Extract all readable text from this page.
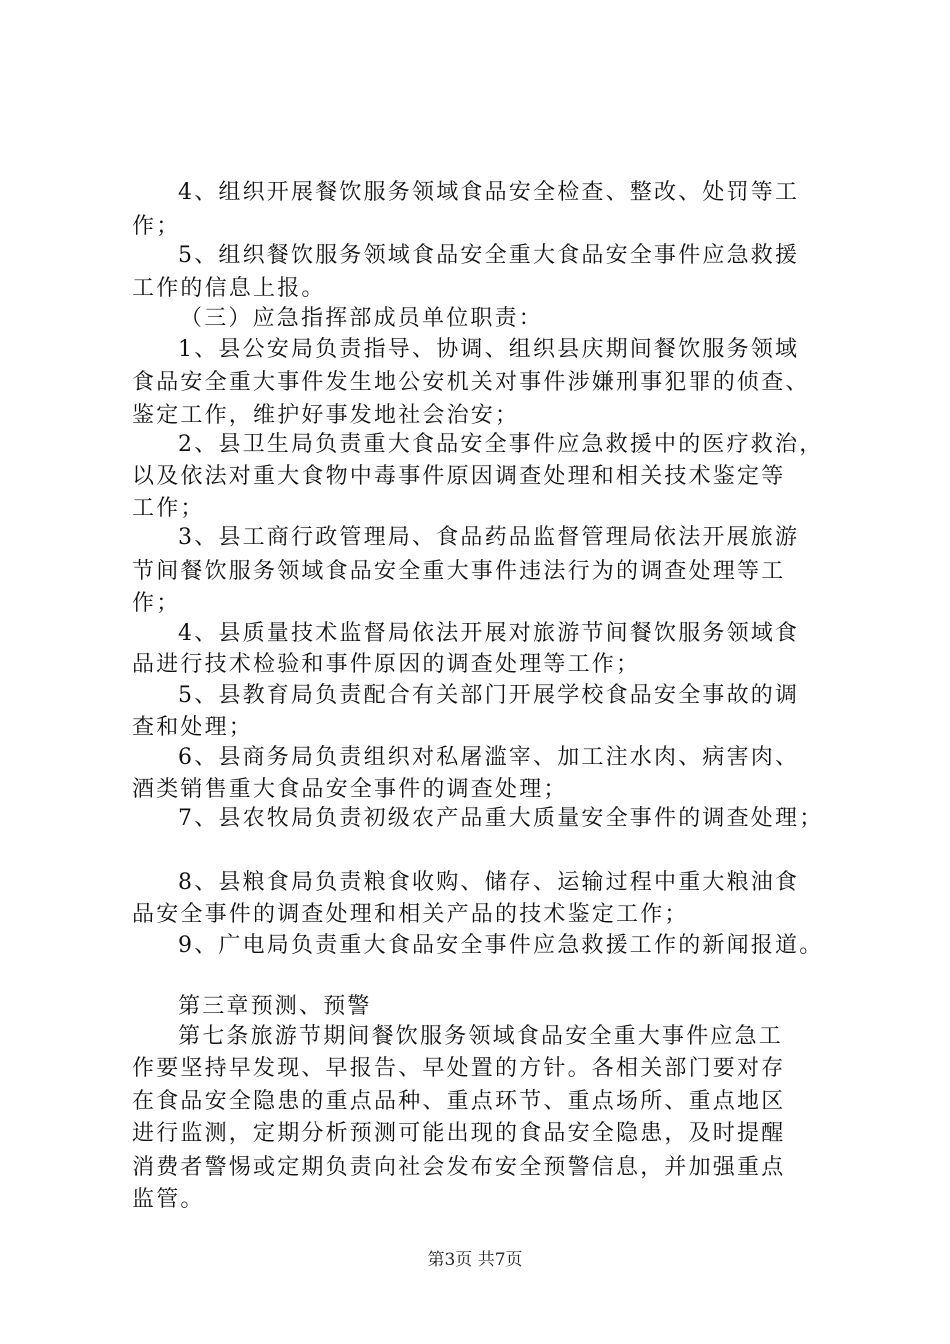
4、组织开展餐饮服务领域食品安全检查、整改、处罚等工
作；
5、组织餐饮服务领域食品安全重大食品安全事件应急救援
工作的信息上报。
（三）应急指挥部成员单位职责：
1、县公安局负责指导、协调、组织县庆期间餐饮服务领域
食品安全重大事件发生地公安机关对事件涉嫌刑事犯罪的侦查、
鉴定工作，维护好事发地社会治安；
2、县卫生局负责重大食品安全事件应急救援中的医疗救治，
以及依法对重大食物中毒事件原因调查处理和相关技术鉴定等
工作；
3、县工商行政管理局、食品药品监督管理局依法开展旅游
节间餐饮服务领域食品安全重大事件违法行为的调查处理等工
作；
4、县质量技术监督局依法开展对旅游节间餐饮服务领域食
品进行技术检验和事件原因的调查处理等工作；
5、县教育局负责配合有关部门开展学校食品安全事故的调
查和处理；
6、县商务局负责组织对私屠滥宰、加工注水肉、病害肉、
酒类销售重大食品安全事件的调查处理；
7、县农牧局负责初级农产品重大质量安全事件的调查处理；
8、县粮食局负责粮食收购、储存、运输过程中重大粮油食
品安全事件的调查处理和相关产品的技术鉴定工作；
9、广电局负责重大食品安全事件应急救援工作的新闻报道。
第三章预测、预警
第七条旅游节期间餐饮服务领域食品安全重大事件应急工
作要坚持早发现、早报告、早处置的方针。各相关部门要对存
在食品安全隐患的重点品种、重点环节、重点场所、重点地区
进行监测，定期分析预测可能出现的食品安全隐患，及时提醒
消费者警惕或定期负责向社会发布安全预警信息，并加强重点
监管。
第3页 共7页
